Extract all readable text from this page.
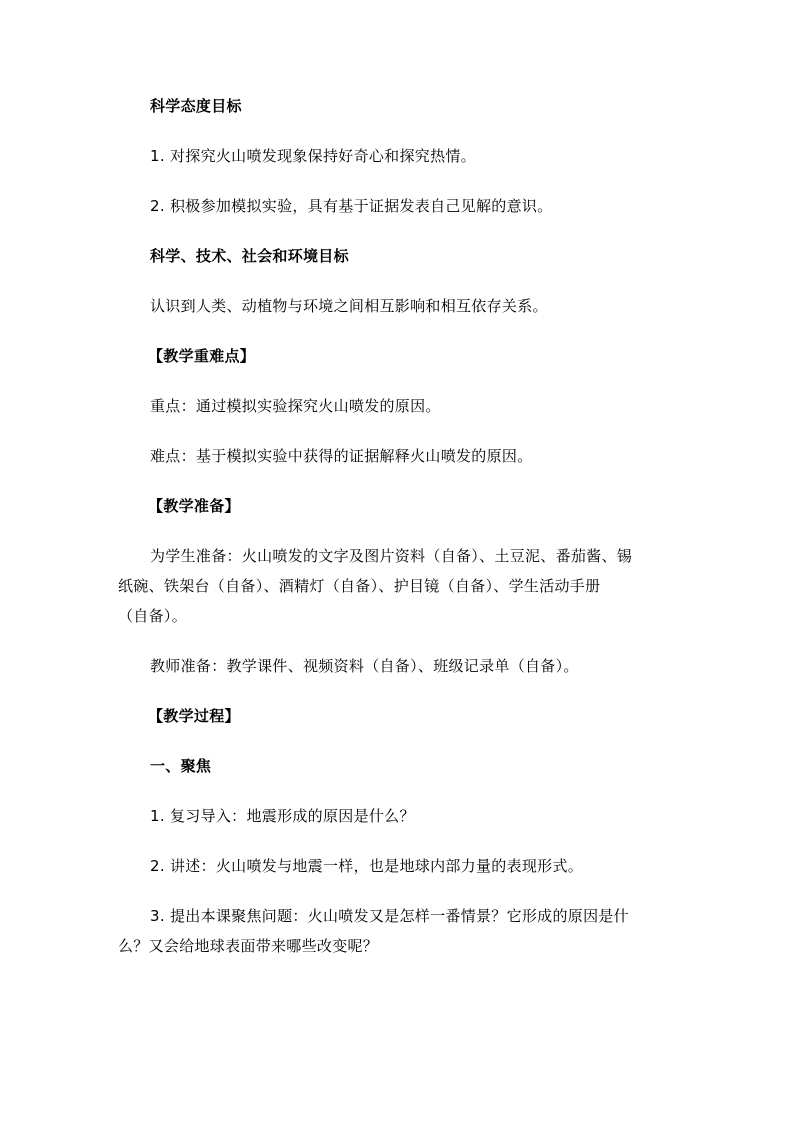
科学态度目标
1. 对探究火山喷发现象保持好奇心和探究热情。
2. 积极参加模拟实验，具有基于证据发表自己见解的意识。
科学、技术、社会和环境目标
认识到人类、动植物与环境之间相互影响和相互依存关系。
【教学重难点】
重点：通过模拟实验探究火山喷发的原因。
难点：基于模拟实验中获得的证据解释火山喷发的原因。
【教学准备】
为学生准备：火山喷发的文字及图片资料（自备）、土豆泥、番茄酱、锡
纸碗、铁架台（自备）、酒精灯（自备）、护目镜（自备）、学生活动手册
（自备）。
教师准备：教学课件、视频资料（自备）、班级记录单（自备）。
【教学过程】
一、聚焦
1. 复习导入：地震形成的原因是什么？
2. 讲述：火山喷发与地震一样，也是地球内部力量的表现形式。
3. 提出本课聚焦问题：火山喷发又是怎样一番情景？它形成的原因是什
么？又会给地球表面带来哪些改变呢？
